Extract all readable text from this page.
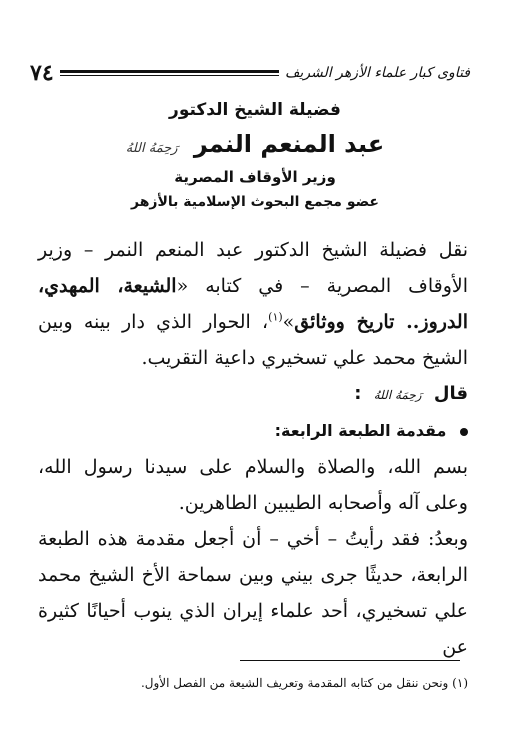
٧٤	فتاوى كبار علماء الأزهر الشريف
فضيلة الشيخ الدكتور
عبد المنعم النمر رَحِمَهُ اللهُ
وزير الأوقاف المصرية
عضو مجمع البحوث الإسلامية بالأزهر

نقل فضيلة الشيخ الدكتور عبد المنعم النمر – وزير الأوقاف المصرية – في كتابه «الشيعة، المهدي، الدروز.. تاريخ ووثائق»$^{(١)}$، الحوار الذي دار بينه وبين الشيخ محمد علي تسخيري داعية التقريب.

قال رَحِمَهُ اللهُ :

مقدمة الطبعة الرابعة:

بسم الله، والصلاة والسلام على سيدنا رسول الله، وعلى آله وأصحابه الطيبين الطاهرين.

وبعدُ: فقد رأيتُ – أخي – أن أجعل مقدمة هذه الطبعة الرابعة، حديثًا جرى بيني وبين سماحة الأخ الشيخ محمد علي تسخيري، أحد علماء إيران الذي ينوب أحيانًا كثيرة عن

(١) ونحن ننقل من كتابه المقدمة وتعريف الشيعة من الفصل الأول.
